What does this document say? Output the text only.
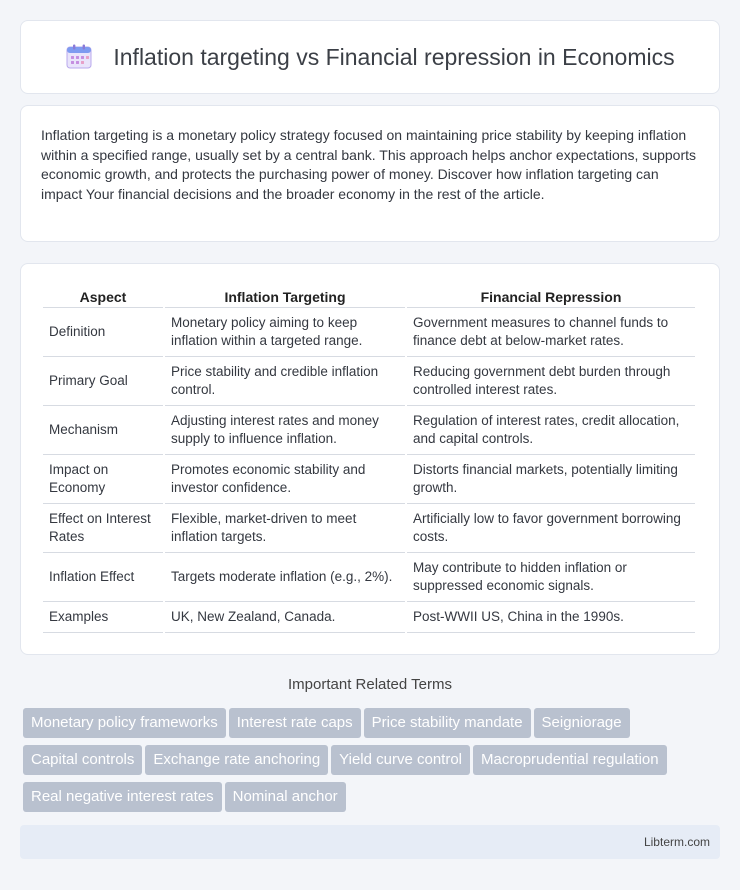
Inflation targeting vs Financial repression in Economics

Inflation targeting is a monetary policy strategy focused on maintaining price stability by keeping inflation within a specified range, usually set by a central bank. This approach helps anchor expectations, supports economic growth, and protects the purchasing power of money. Discover how inflation targeting can impact Your financial decisions and the broader economy in the rest of the article.

Aspect	Inflation Targeting	Financial Repression
Definition	Monetary policy aiming to keep inflation within a targeted range.	Government measures to channel funds to finance debt at below-market rates.
Primary Goal	Price stability and credible inflation control.	Reducing government debt burden through controlled interest rates.
Mechanism	Adjusting interest rates and money supply to influence inflation.	Regulation of interest rates, credit allocation, and capital controls.
Impact on Economy	Promotes economic stability and investor confidence.	Distorts financial markets, potentially limiting growth.
Effect on Interest Rates	Flexible, market-driven to meet inflation targets.	Artificially low to favor government borrowing costs.
Inflation Effect	Targets moderate inflation (e.g., 2%).	May contribute to hidden inflation or suppressed economic signals.
Examples	UK, New Zealand, Canada.	Post-WWII US, China in the 1990s.
Important Related Terms
Monetary policy frameworks Interest rate caps Price stability mandate Seigniorage
Capital controls Exchange rate anchoring Yield curve control Macroprudential regulation
Real negative interest rates Nominal anchor
Libterm.com
